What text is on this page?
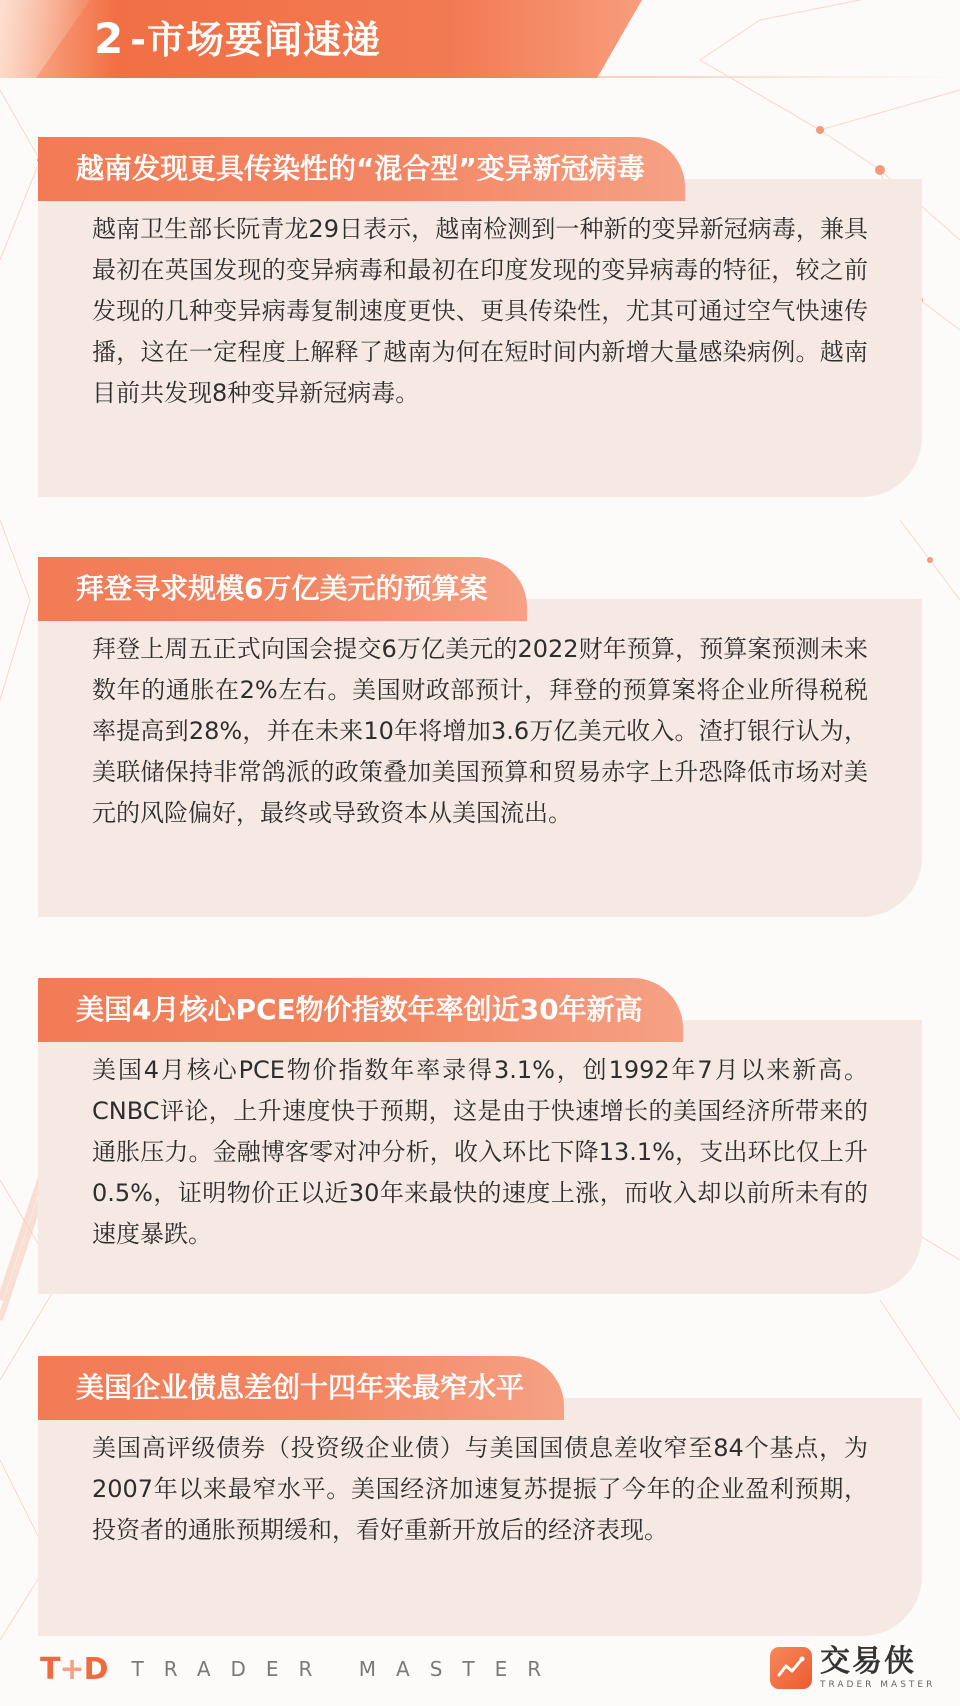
2 -市场要闻速递

越南卫生部长阮青龙29日表示，越南检测到一种新的变异新冠病毒，兼具最初在英国发现的变异病毒和最初在印度发现的变异病毒的特征，较之前发现的几种变异病毒复制速度更快、更具传染性，尤其可通过空气快速传播，这在一定程度上解释了越南为何在短时间内新增大量感染病例。越南目前共发现8种变异新冠病毒。

越南发现更具传染性的“混合型”变异新冠病毒

拜登上周五正式向国会提交6万亿美元的2022财年预算，预算案预测未来数年的通胀在2%左右。美国财政部预计，拜登的预算案将企业所得税税率提高到28%，并在未来10年将增加3.6万亿美元收入。渣打银行认为，美联储保持非常鸽派的政策叠加美国预算和贸易赤字上升恐降低市场对美元的风险偏好，最终或导致资本从美国流出。

拜登寻求规模6万亿美元的预算案

美国4月核心PCE物价指数年率录得3.1%，创1992年7月以来新高。CNBC评论，上升速度快于预期，这是由于快速增长的美国经济所带来的通胀压力。金融博客零对冲分析，收入环比下降13.1%，支出环比仅上升0.5%，证明物价正以近30年来最快的速度上涨，而收入却以前所未有的速度暴跌。

美国4月核心PCE物价指数年率创近30年新高

美国高评级债券（投资级企业债）与美国国债息差收窄至84个基点，为2007年以来最窄水平。美国经济加速复苏提振了今年的企业盈利预期，投资者的通胀预期缓和，看好重新开放后的经济表现。

美国企业债息差创十四年来最窄水平
T+D TRADER MASTER	交易侠
TRADER MASTER
